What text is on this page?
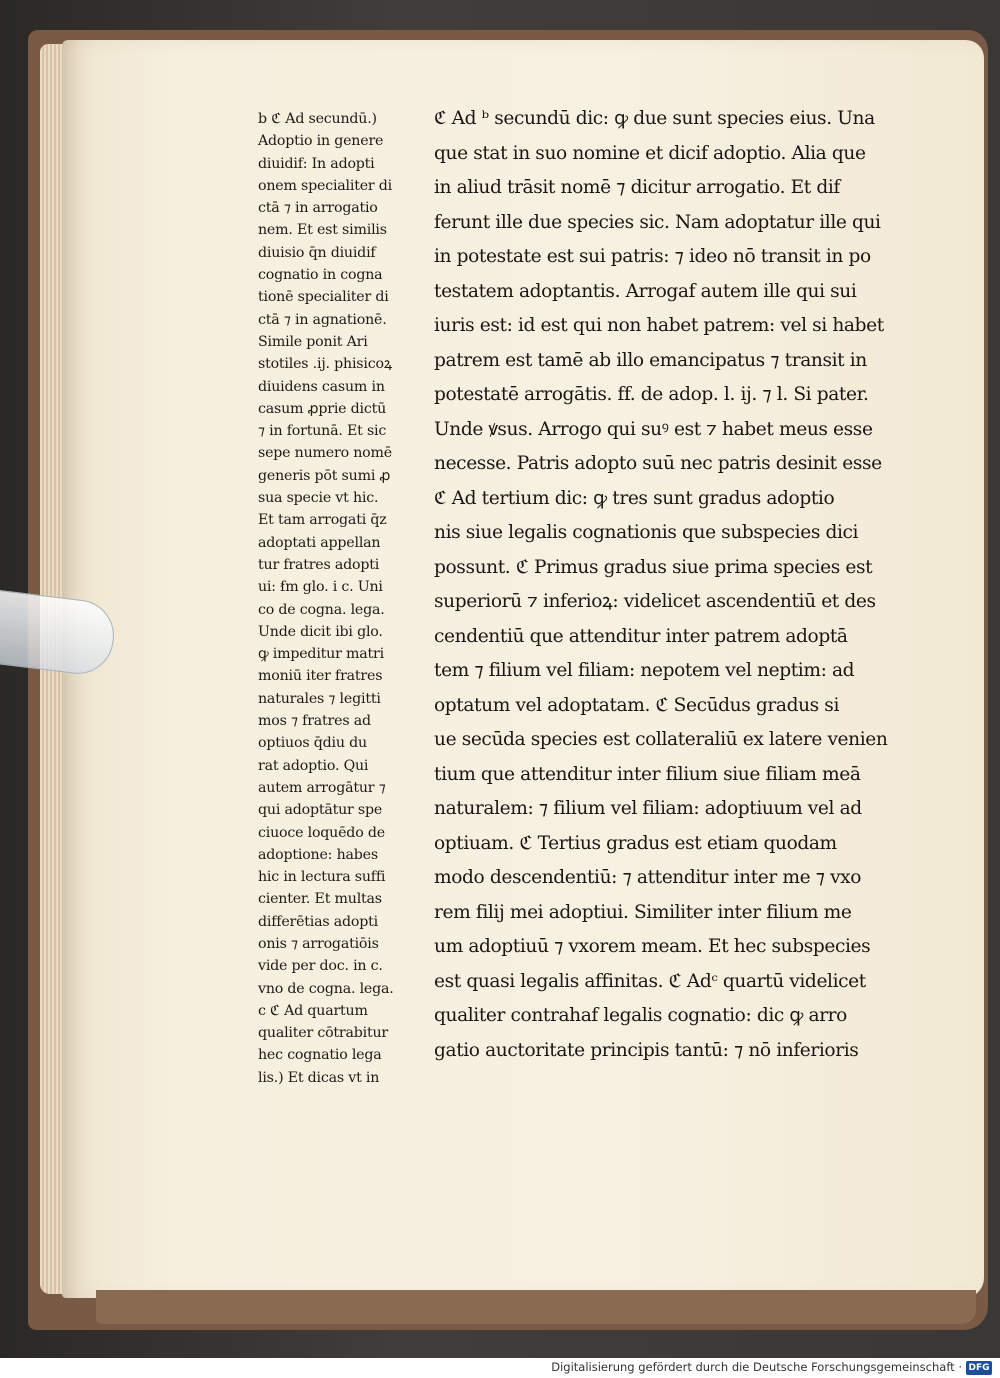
b ℭ Ad secundū.)
Adoptio in genere
diuidif: In adopti
onem specialiter di
ctā ⁊ in arrogatio
nem. Et est similis
diuisio q̄n diuidif
cognatio in cogna
tionē specialiter di
ctā ⁊ in agnationē.
Simile ponit Ari
stotiles .ij. phisicoꝝ
diuidens casum in
casum ꝓprie dictū
⁊ in fortunā. Et sic
sepe numero nomē
generis pōt sumi ꝓ
sua specie vt hic.
Et tam arrogati q̄z
adoptati appellan
tur fratres adopti
ui: ẜm glo. i c. Uni
co de cogna. lega.
Unde dicit ibi glo.
ꝙ impeditur matri
moniū iter fratres
naturales ⁊ legitti
mos ⁊ fratres ad
optiuos q̄diu du
rat adoptio. Qui
autem arrogātur ⁊
qui adoptātur spe
ciuoce loquēdo de
adoptione: habes
hic in lectura suffi
cienter. Et multas
differētias adopti
onis ⁊ arrogatiōis
vide per doc. in c.
vno de cogna. lega.
c ℭ Ad quartum
qualiter cōtrabitur
hec cognatio lega
lis.) Et dicas vt in
ℭ Ad ᵇ secundū dic: ꝙ due sunt species eius. Una
que stat in suo nomine et dicif adoptio. Alia que
in aliud trāsit nomē ⁊ dicitur arrogatio. Et dif
ferunt ille due species sic. Nam adoptatur ille qui
in potestate est sui patris: ⁊ ideo nō transit in po
testatem adoptantis. Arrogaf autem ille qui sui
iuris est: id est qui non habet patrem: vel si habet
patrem est tamē ab illo emancipatus ⁊ transit in
potestatē arrogātis. ff. de adop. l. ij. ⁊ l. Si pater.
Unde ꝟsus. Arrogo qui suꝰ est ⁊ habet meus esse
necesse. Patris adopto suū nec patris desinit esse
ℭ Ad tertium dic: ꝙ tres sunt gradus adoptio
nis siue legalis cognationis que subspecies dici
possunt. ℭ Primus gradus siue prima species est
superiorū ⁊ inferioꝝ: videlicet ascendentiū et des
cendentiū que attenditur inter patrem adoptā
tem ⁊ filium vel filiam: nepotem vel neptim: ad
optatum vel adoptatam. ℭ Secūdus gradus si
ue secūda species est collateraliū ex latere venien
tium que attenditur inter filium siue filiam meā
naturalem: ⁊ filium vel filiam: adoptiuum vel ad
optiuam. ℭ Tertius gradus est etiam quodam
modo descendentiū: ⁊ attenditur inter me ⁊ vxo
rem filij mei adoptiui. Similiter inter filium me
um adoptiuū ⁊ vxorem meam. Et hec subspecies
est quasi legalis affinitas. ℭ Adᶜ quartū videlicet
qualiter contrahaf legalis cognatio: dic ꝙ arro
gatio auctoritate principis tantū: ⁊ nō inferioris
Digitalisierung gefördert durch die Deutsche Forschungsgemeinschaft · DFG
